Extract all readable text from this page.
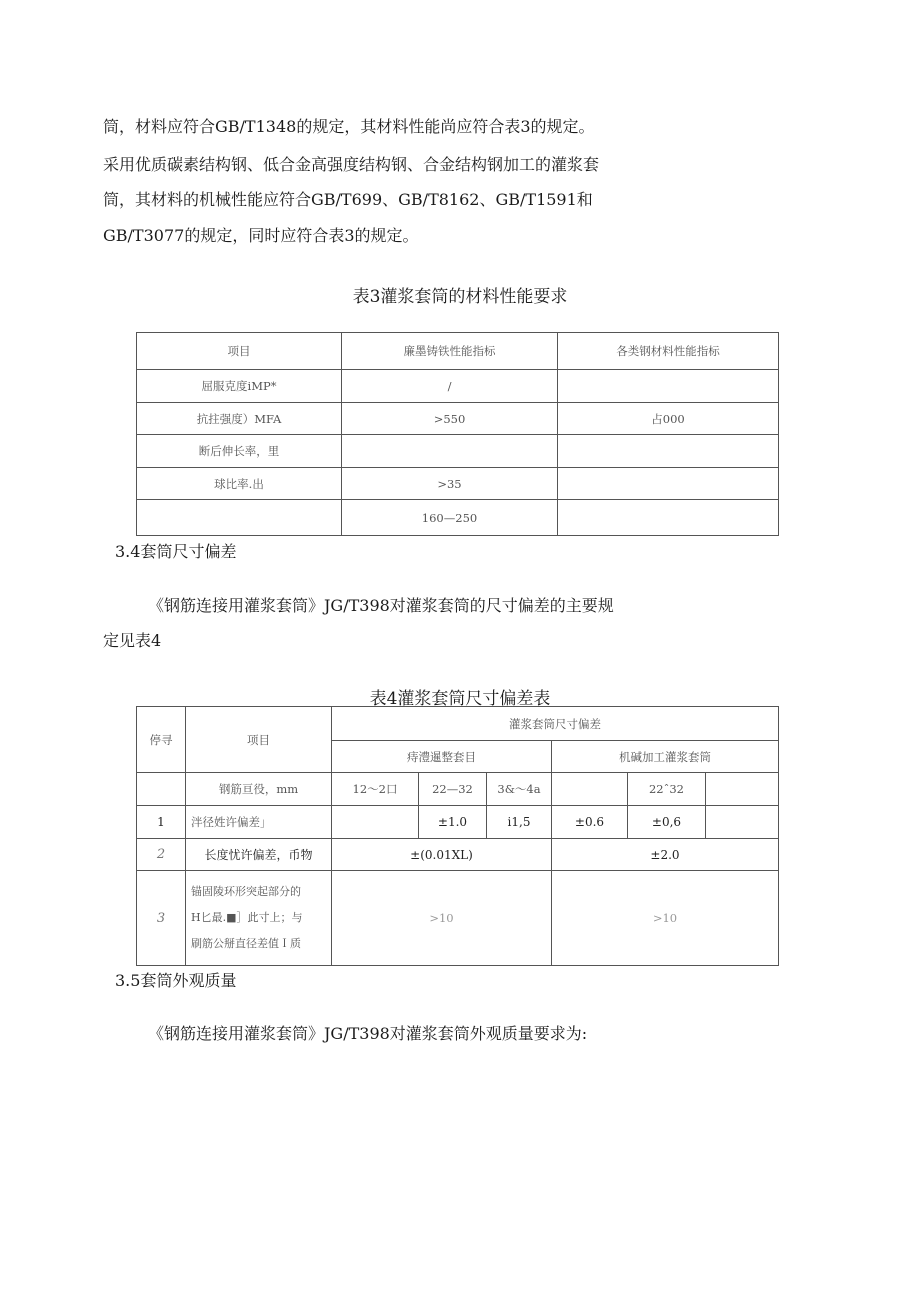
筒，材料应符合GB/T1348的规定，其材料性能尚应符合表3的规定。

采用优质碳素结构钢、低合金高强度结构钢、合金结构钢加工的灌浆套

筒，其材料的机械性能应符合GB/T699、GB/T8162、GB/T1591和

GB/T3077的规定，同时应符合表3的规定。

表3灌浆套筒的材料性能要求

项目	廉墨铸铁性能指标	各类钢材料性能指标
屈服克度iMP*	/	
抗拄强度）MFA	>550	占000
断后伸长率，里		
球比率.出	>35	
	160—250	

3.4套筒尺寸偏差

《钢筋连接用灌浆套筒》JG/T398对灌浆套筒的尺寸偏差的主要规

定见表4

表4灌浆套筒尺寸偏差表

停寻	项目	灌浆套筒尺寸偏差					
		痔澧暹整套目			机碱加工灌浆套筒		
	钢筋亘役，mm	12〜2口	22—32	3&〜4a		22ˆ32	
1	泮径姓许偏差」		±1.0	i1,5	±0.6	±0,6	
2	长度忧许偏差，币物	±(0.01XL)			±2.0		
3	锚固陵环形突起部分的
H匕最.■］此寸上；与
刷筋公掰直径差值Ｉ质	>10			>10		

3.5套筒外观质量

《钢筋连接用灌浆套筒》JG/T398对灌浆套筒外观质量要求为:
